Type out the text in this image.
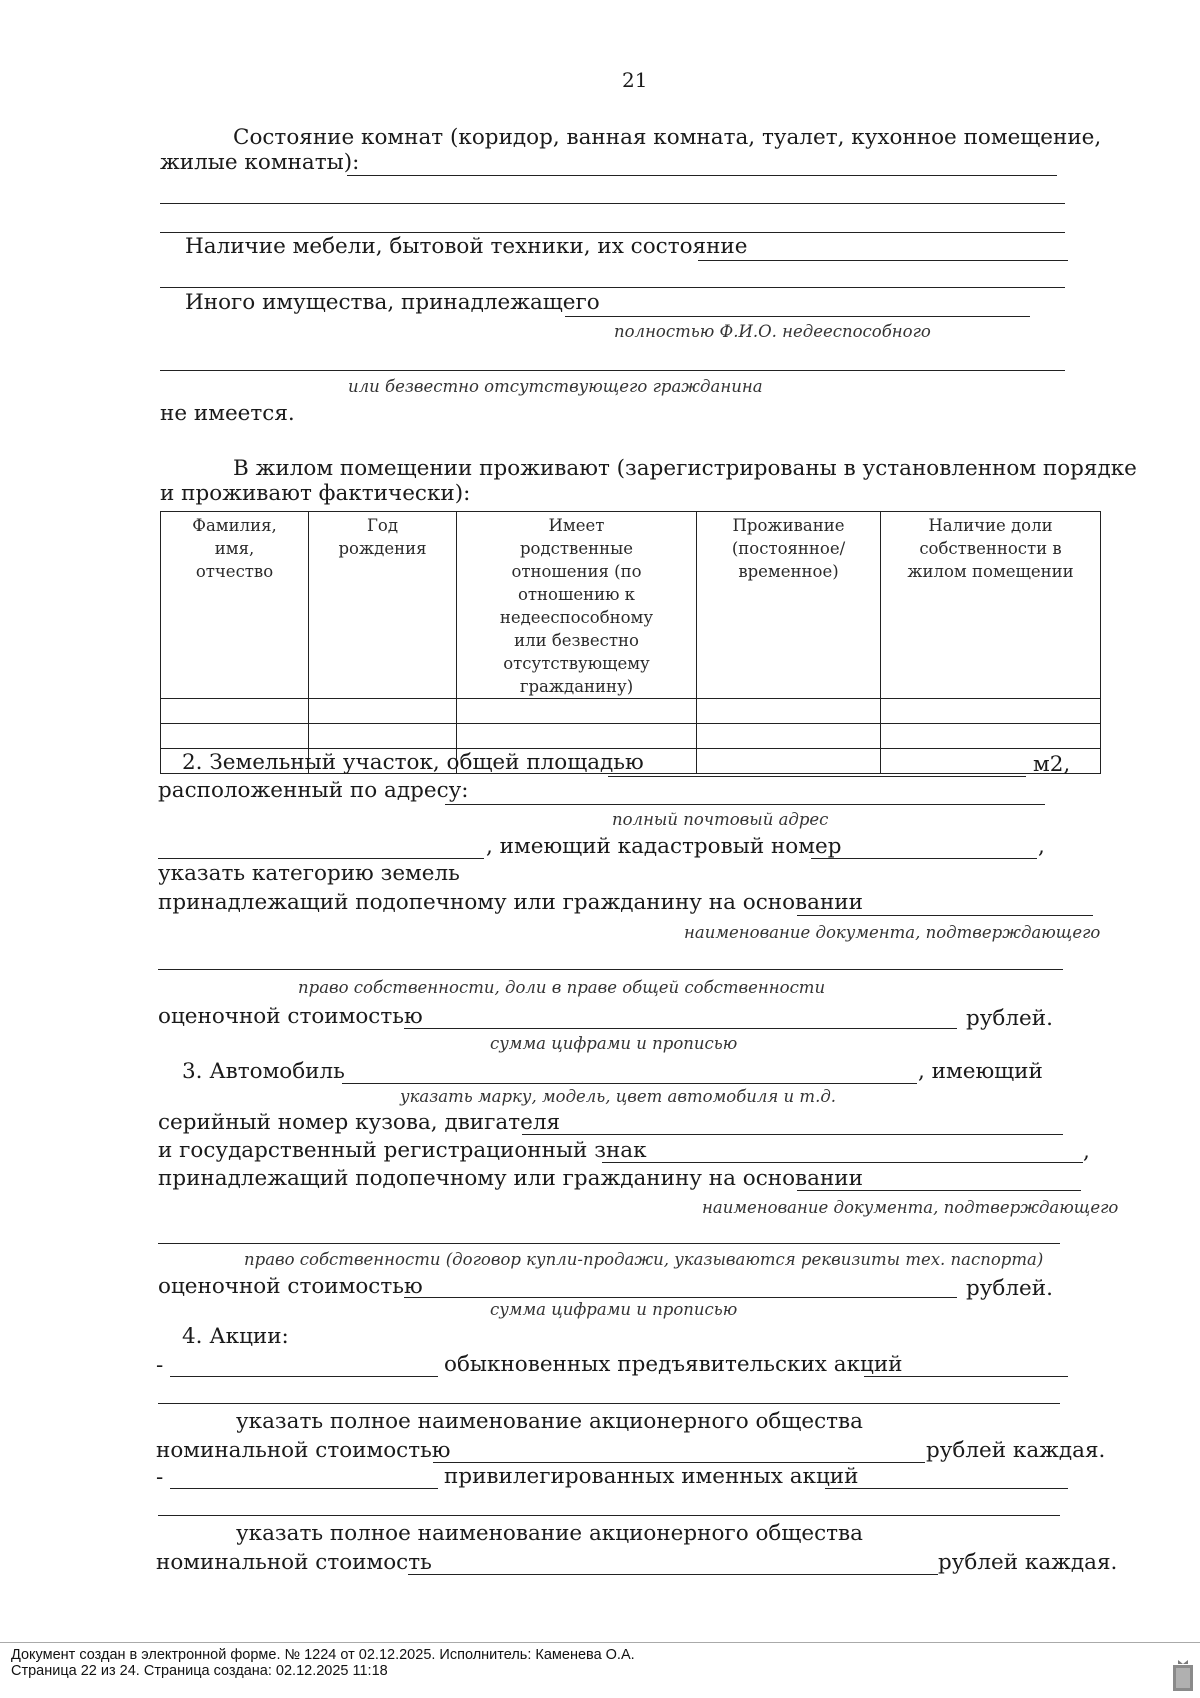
21
Состояние комнат (коридор, ванная комната, туалет, кухонное помещение,
жилые комнаты):
Наличие мебели, бытовой техники, их состояние
Иного имущества, принадлежащего
полностью Ф.И.О. недееспособного
или безвестно отсутствующего гражданина
не имеется.
В жилом помещении проживают (зарегистрированы в установленном порядке
и проживают фактически):
Фамилия, имя, отчество	Год рождения	Имеет родственные отношения (по отношению к недееспособному или безвестно отсутствующему гражданину)	Проживание (постоянное/ временное)	Наличие доли собственности в жилом помещении

2. Земельный участок, общей площадью	м2,
расположенный по адресу:
полный почтовый адрес
, имеющий кадастровый номер	,
указать категорию земель
принадлежащий подопечному или гражданину на основании
наименование документа, подтверждающего
право собственности, доли в праве общей собственности
оценочной стоимостью	рублей.
сумма цифрами и прописью
3. Автомобиль	, имеющий
указать марку, модель, цвет автомобиля и т.д.
серийный номер кузова, двигателя
и государственный регистрационный знак	,
принадлежащий подопечному или гражданину на основании
наименование документа, подтверждающего
право собственности (договор купли-продажи, указываются реквизиты тех. паспорта)
оценочной стоимостью	рублей.
сумма цифрами и прописью
4. Акции:
-	обыкновенных предъявительских акций
указать полное наименование акционерного общества
номинальной стоимостью	рублей каждая.
-	привилегированных именных акций
указать полное наименование акционерного общества
номинальной стоимость	рублей каждая.
Документ создан в электронной форме. № 1224 от 02.12.2025. Исполнитель: Каменева О.А.
Страница 22 из 24. Страница создана: 02.12.2025 11:18
